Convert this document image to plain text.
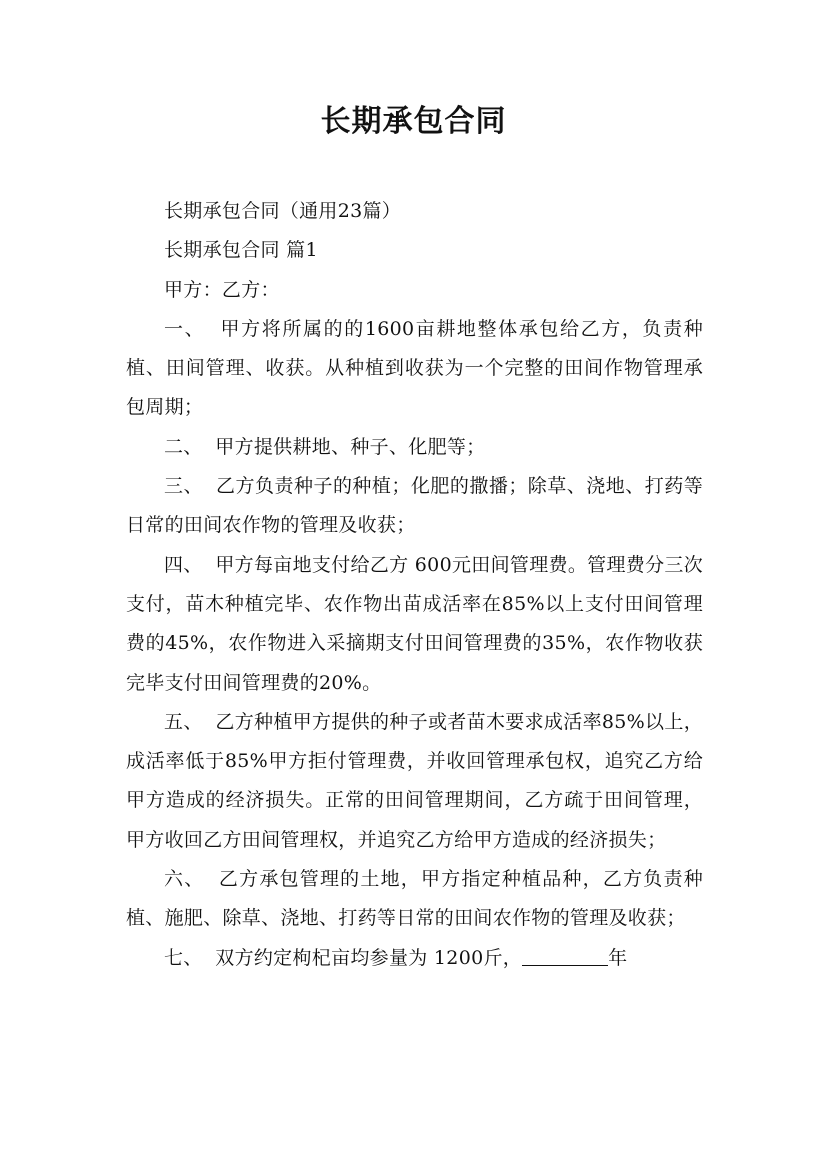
长期承包合同

长期承包合同（通用23篇）

长期承包合同 篇1

甲方：乙方：

一、  甲方将所属的的1600亩耕地整体承包给乙方，负责种植、田间管理、收获。从种植到收获为一个完整的田间作物管理承包周期；

二、  甲方提供耕地、种子、化肥等；

三、  乙方负责种子的种植；化肥的撒播；除草、浇地、打药等日常的田间农作物的管理及收获；

四、  甲方每亩地支付给乙方 600元田间管理费。管理费分三次支付，苗木种植完毕、农作物出苗成活率在85%以上支付田间管理费的45%，农作物进入采摘期支付田间管理费的35%，农作物收获完毕支付田间管理费的20%。

五、  乙方种植甲方提供的种子或者苗木要求成活率85%以上，成活率低于85%甲方拒付管理费，并收回管理承包权，追究乙方给甲方造成的经济损失。正常的田间管理期间，乙方疏于田间管理，甲方收回乙方田间管理权，并追究乙方给甲方造成的经济损失；

六、  乙方承包管理的土地，甲方指定种植品种，乙方负责种植、施肥、除草、浇地、打药等日常的田间农作物的管理及收获；

七、  双方约定枸杞亩均参量为 1200斤，	年
